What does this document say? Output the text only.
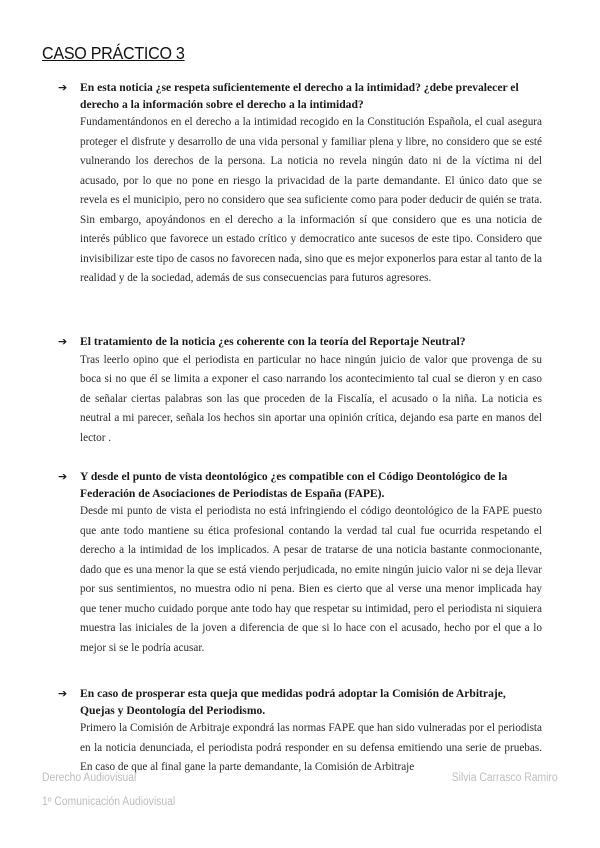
CASO PRÁCTICO 3
➔ En esta noticia ¿se respeta suficientemente el derecho a la intimidad? ¿debe prevalecer el derecho a la información sobre el derecho a la intimidad?
Fundamentándonos en el derecho a la intimidad recogido en la Constitución Española, el cual asegura proteger el disfrute y desarrollo de una vida personal y familiar plena y libre, no considero que se esté vulnerando los derechos de la persona. La noticia no revela ningún dato ni de la víctima ni del acusado, por lo que no pone en riesgo la privacidad de la parte demandante. El único dato que se revela es el municipio, pero no considero que sea suficiente como para poder deducir de quién se trata. Sin embargo, apoyándonos en el derecho a la información sí que considero que es una noticia de interés público que favorece un estado crítico y democratico ante sucesos de este tipo. Considero que invisibilizar este tipo de casos no favorecen nada, sino que es mejor exponerlos para estar al tanto de la realidad y de la sociedad, además de sus consecuencias para futuros agresores.
➔ El tratamiento de la noticia ¿es coherente con la teoría del Reportaje Neutral?
Tras leerlo opino que el periodista en particular no hace ningún juicio de valor que provenga de su boca si no que él se limita a exponer el caso narrando los acontecimiento tal cual se dieron y en caso de señalar ciertas palabras son las que proceden de la Fiscalía, el acusado o la niña. La noticia es neutral a mi parecer, señala los hechos sin aportar una opinión crítica, dejando esa parte en manos del lector .
➔ Y desde el punto de vista deontológico ¿es compatible con el Código Deontológico de la Federación de Asociaciones de Periodistas de España (FAPE).
Desde mi punto de vista el periodista no está infringiendo el código deontológico de la FAPE puesto que ante todo mantiene su ética profesional contando la verdad tal cual fue ocurrida respetando el derecho a la intimidad de los implicados. A pesar de tratarse de una noticia bastante conmocionante, dado que es una menor la que se está viendo perjudicada, no emite ningún juicio valor ni se deja llevar por sus sentimientos, no muestra odio ni pena. Bien es cierto que al verse una menor implicada hay que tener mucho cuidado porque ante todo hay que respetar su intimidad, pero el periodista ni siquiera muestra las iniciales de la joven a diferencia de que si lo hace con el acusado, hecho por el que a lo mejor si se le podría acusar.
➔ En caso de prosperar esta queja que medidas podrá adoptar la Comisión de Arbitraje, Quejas y Deontología del Periodismo.
Primero la Comisión de Arbitraje expondrá las normas FAPE que han sido vulneradas por el periodista en la noticia denunciada, el periodista podrá responder en su defensa emitiendo una serie de pruebas. En caso de que al final gane la parte demandante, la Comisión de Arbitraje
Derecho Audiovisual
1º Comunicación Audiovisual
Silvia Carrasco Ramiro
